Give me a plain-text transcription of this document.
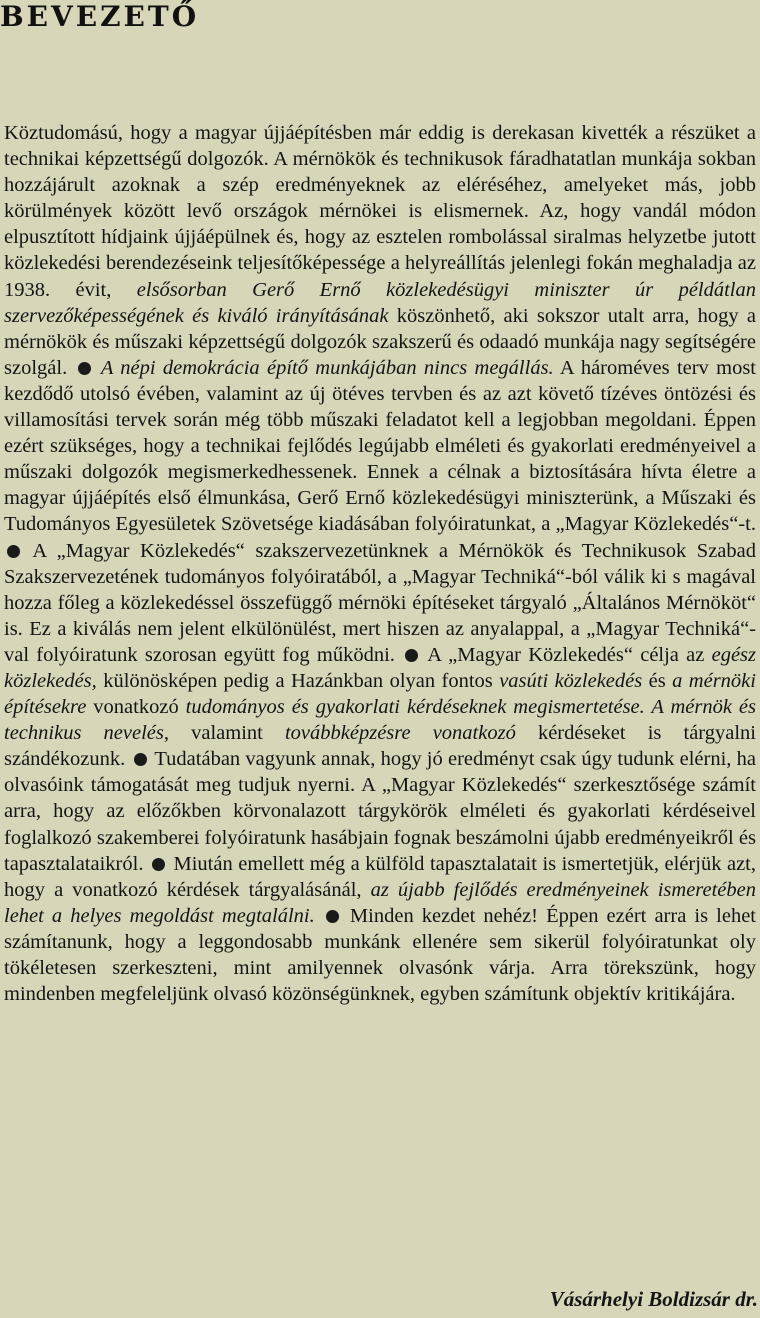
BEVEZETŐ

Köztudomású, hogy a magyar újjáépítésben már eddig is derekasan kivették a részüket a technikai képzettségű dolgozók. A mérnökök és technikusok fáradhatatlan munkája sokban hozzájárult azoknak a szép eredményeknek az eléréséhez, amelyeket más, jobb körülmények között levő országok mérnökei is elismernek. Az, hogy vandál módon elpusztított hídjaink újjáépülnek és, hogy az esztelen rombolással siralmas helyzetbe jutott közlekedési berendezéseink teljesítőképessége a helyreállítás jelenlegi fokán meghaladja az 1938. évit, elsősorban Gerő Ernő közlekedésügyi miniszter úr példátlan szervezőképességének és kiváló irányításának köszönhető, aki sokszor utalt arra, hogy a mérnökök és műszaki képzettségű dolgozók szakszerű és odaadó munkája nagy segítségére szolgál.  A népi demokrácia építő munkájában nincs megállás. A hároméves terv most kezdődő utolsó évében, valamint az új ötéves tervben és az azt követő tízéves öntözési és villamosítási tervek során még több műszaki feladatot kell a legjobban megoldani. Éppen ezért szükséges, hogy a technikai fejlődés legújabb elméleti és gyakorlati eredményeivel a műszaki dolgozók megismerkedhessenek. Ennek a célnak a biztosítására hívta életre a magyar újjáépítés első élmunkása, Gerő Ernő közlekedésügyi miniszterünk, a Műszaki és Tudományos Egyesületek Szövetsége kiadásában folyóiratunkat, a „Magyar Közlekedés“-t.  A „Magyar Közlekedés“ szakszervezetünknek a Mérnökök és Technikusok Szabad Szakszervezetének tudományos folyóiratából, a „Magyar Techniká“-ból válik ki s magával hozza főleg a közlekedéssel összefüggő mérnöki építéseket tárgyaló „Általános Mérnököt“ is. Ez a kiválás nem jelent elkülönülést, mert hiszen az anyalappal, a „Magyar Techniká“-val folyóiratunk szorosan együtt fog működni.  A „Magyar Közlekedés“ célja az egész közlekedés, különösképen pedig a Hazánkban olyan fontos vasúti közlekedés és a mérnöki építésekre vonatkozó tudományos és gyakorlati kérdéseknek megismertetése. A mérnök és technikus nevelés, valamint továbbképzésre vonatkozó kérdéseket is tárgyalni szándékozunk.  Tudatában vagyunk annak, hogy jó eredményt csak úgy tudunk elérni, ha olvasóink támogatását meg tudjuk nyerni. A „Magyar Közlekedés“ szerkesztősége számít arra, hogy az előzőkben körvonalazott tárgykörök elméleti és gyakorlati kérdéseivel foglalkozó szakemberei folyóiratunk hasábjain fognak beszámolni újabb eredményeikről és tapasztalataikról.  Miután emellett még a külföld tapasztalatait is ismertetjük, elérjük azt, hogy a vonatkozó kérdések tárgyalásánál, az újabb fejlődés eredményeinek ismeretében lehet a helyes megoldást megtalálni.  Minden kezdet nehéz! Éppen ezért arra is lehet számítanunk, hogy a leggondosabb munkánk ellenére sem sikerül folyóiratunkat oly tökéletesen szerkeszteni, mint amilyennek olvasónk várja. Arra törekszünk, hogy mindenben megfeleljünk olvasó közönségünknek, egyben számítunk objektív kritikájára.

Vásárhelyi Boldizsár dr.
